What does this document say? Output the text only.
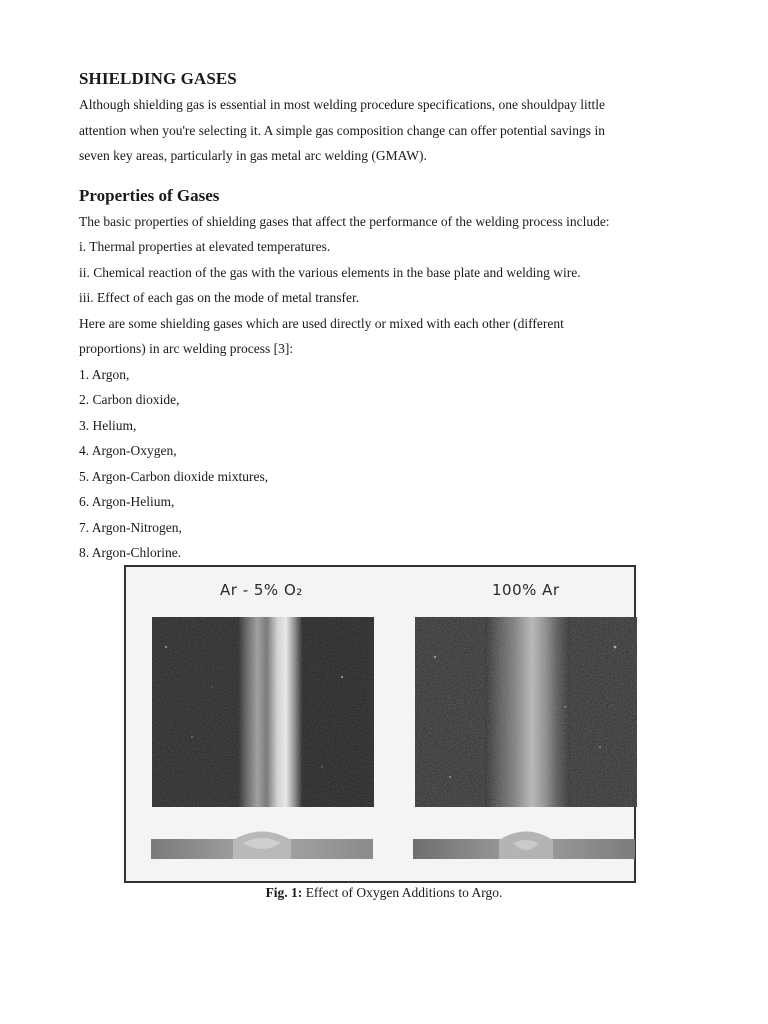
SHIELDING GASES
Although shielding gas is essential in most welding procedure specifications, one shouldpay little
attention when you're selecting it. A simple gas composition change can offer potential savings in
seven key areas, particularly in gas metal arc welding (GMAW).
Properties of Gases
The basic properties of shielding gases that affect the performance of the welding process include:
i. Thermal properties at elevated temperatures.
ii. Chemical reaction of the gas with the various elements in the base plate and welding wire.
iii. Effect of each gas on the mode of metal transfer.
Here are some shielding gases which are used directly or mixed with each other (different
proportions) in arc welding process [3]:
1. Argon,
2. Carbon dioxide,
3. Helium,
4. Argon-Oxygen,
5. Argon-Carbon dioxide mixtures,
6. Argon-Helium,
7. Argon-Nitrogen,
8. Argon-Chlorine.
Ar - 5% O₂	100% Ar
Fig. 1: Effect of Oxygen Additions to Argo.
